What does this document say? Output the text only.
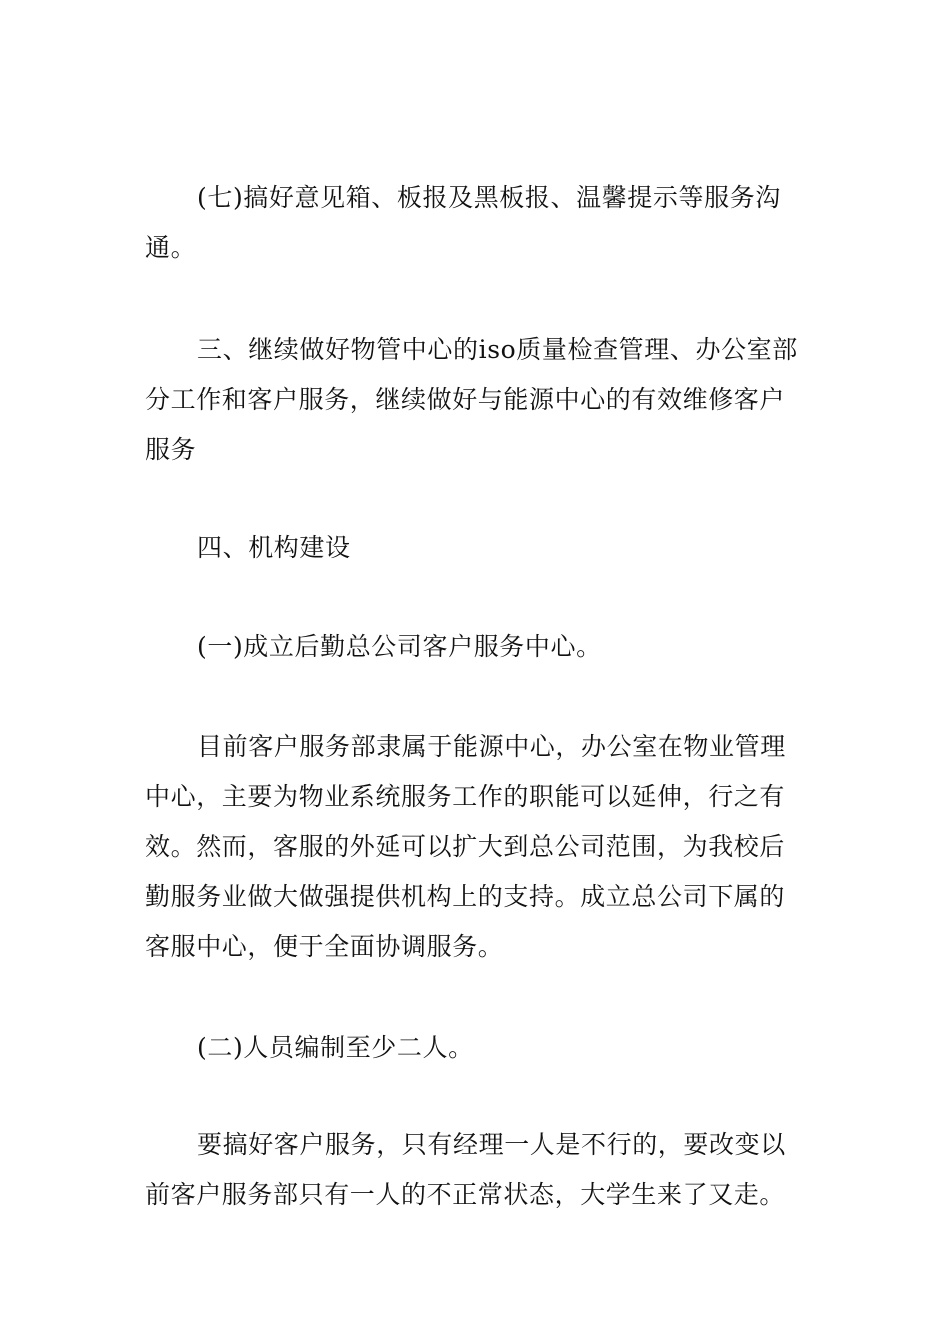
(七)搞好意见箱、板报及黑板报、温馨提示等服务沟
通。
三、继续做好物管中心的iso质量检查管理、办公室部
分工作和客户服务，继续做好与能源中心的有效维修客户
服务
四、机构建设
(一)成立后勤总公司客户服务中心。
目前客户服务部隶属于能源中心，办公室在物业管理
中心，主要为物业系统服务工作的职能可以延伸，行之有
效。然而，客服的外延可以扩大到总公司范围，为我校后
勤服务业做大做强提供机构上的支持。成立总公司下属的
客服中心，便于全面协调服务。
(二)人员编制至少二人。
要搞好客户服务，只有经理一人是不行的，要改变以
前客户服务部只有一人的不正常状态，大学生来了又走。
